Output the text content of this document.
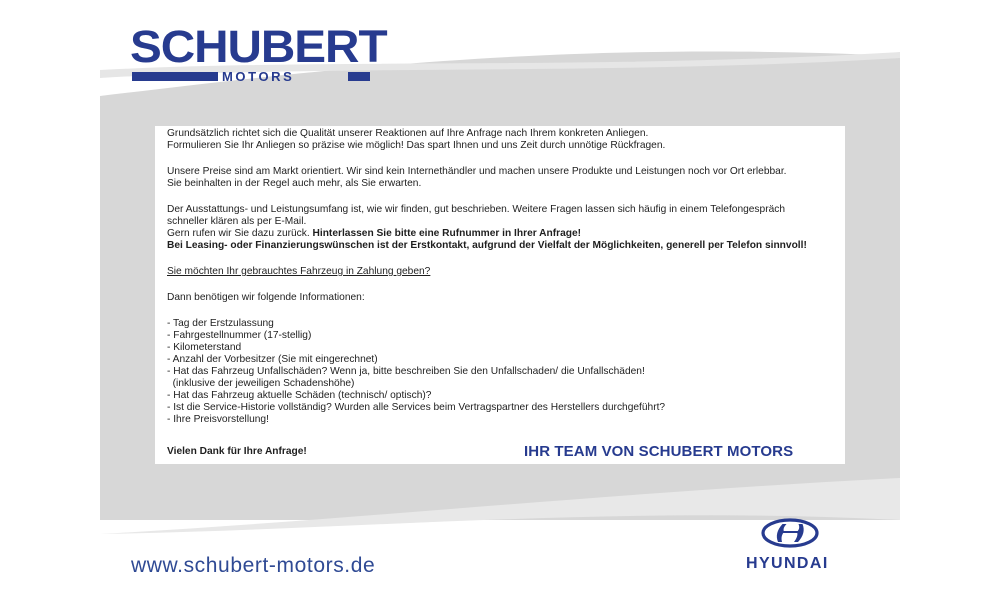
SCHUBERT
MOTORS
Grundsätzlich richtet sich die Qualität unserer Reaktionen auf Ihre Anfrage nach Ihrem konkreten Anliegen.
Formulieren Sie Ihr Anliegen so präzise wie möglich! Das spart Ihnen und uns Zeit durch unnötige Rückfragen.
Unsere Preise sind am Markt orientiert. Wir sind kein Internethändler und machen unsere Produkte und Leistungen noch vor Ort erlebbar.
Sie beinhalten in der Regel auch mehr, als Sie erwarten.
Der Ausstattungs- und Leistungsumfang ist, wie wir finden, gut beschrieben. Weitere Fragen lassen sich häufig in einem Telefongespräch
schneller klären als per E-Mail.
Gern rufen wir Sie dazu zurück. Hinterlassen Sie bitte eine Rufnummer in Ihrer Anfrage!
Bei Leasing- oder Finanzierungswünschen ist der Erstkontakt, aufgrund der Vielfalt der Möglichkeiten, generell per Telefon sinnvoll!
Sie möchten Ihr gebrauchtes Fahrzeug in Zahlung geben?
Dann benötigen wir folgende Informationen:
- Tag der Erstzulassung
- Fahrgestellnummer (17-stellig)
- Kilometerstand
- Anzahl der Vorbesitzer (Sie mit eingerechnet)
- Hat das Fahrzeug Unfallschäden? Wenn ja, bitte beschreiben Sie den Unfallschaden/ die Unfallschäden!
(inklusive der jeweiligen Schadenshöhe)
- Hat das Fahrzeug aktuelle Schäden (technisch/ optisch)?
- Ist die Service-Historie vollständig? Wurden alle Services beim Vertragspartner des Herstellers durchgeführt?
- Ihre Preisvorstellung!
Vielen Dank für Ihre Anfrage!	IHR TEAM VON SCHUBERT MOTORS
www.schubert-motors.de	HYUNDAI
